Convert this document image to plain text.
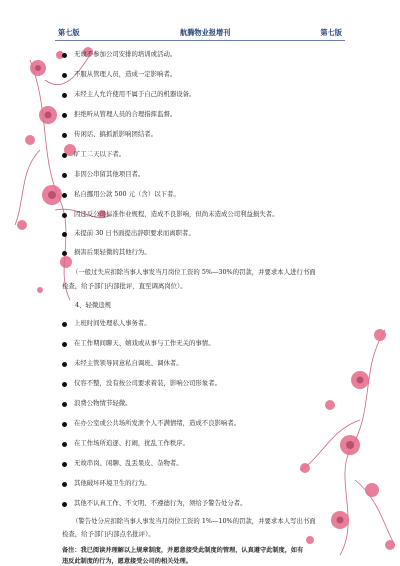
第七版	航腾物业报增刊	第七版
无故不参加公司安排的培训或活动。
不服从管理人员，造成一定影响者。
未经主人允许使用不属于自己的机器设备。
拒绝听从管理人员的合理指挥监督。
传闲话、搞抓派影响团结者。
旷工二天以下者。
非因公串留其他项目者。
私自挪用公款 500 元（含）以下者。
因违反公司标准作业规程，造成不良影响，但尚未造成公司利益损失者。
未提前 30 日书面提出辞职要求而离职者。
损害后果轻微的其他行为。
（一般过失应扣除当事人事发当月岗位工资的 5%—30%的罚款，并要求本人进行书面
检查，给予部门内部批评，直至调离岗位）。
4、轻微违规
上班时间处理私人事务者。
在工作期间聊天、嬉戏或从事与工作无关的事情。
未经主管领导同意私自调班、调休者。
仪容不整，没有按公司要求着装，影响公司形象者。
浪费公物情节轻微。
在办公室或公共场所发泄个人不满情绪，造成不良影响者。
在工作场所追逐、打闹，扰乱工作秩序。
无故串岗、闲聊、乱丢果皮、杂物者。
其他破坏环境卫生的行为。
其他不认真工作、不文明、不遵德行为，须给予警告处分者。
（警告处分应扣除当事人事发当月岗位工资的 1%—10%的罚款，并要求本人写出书面
检查，给予部门内部点名批评）。
备注：我已阅读并理解以上规章制度，并愿意接受此制度的管理，认真遵守此制度，如有
违反此制度的行为，愿意接受公司的相关处理。
